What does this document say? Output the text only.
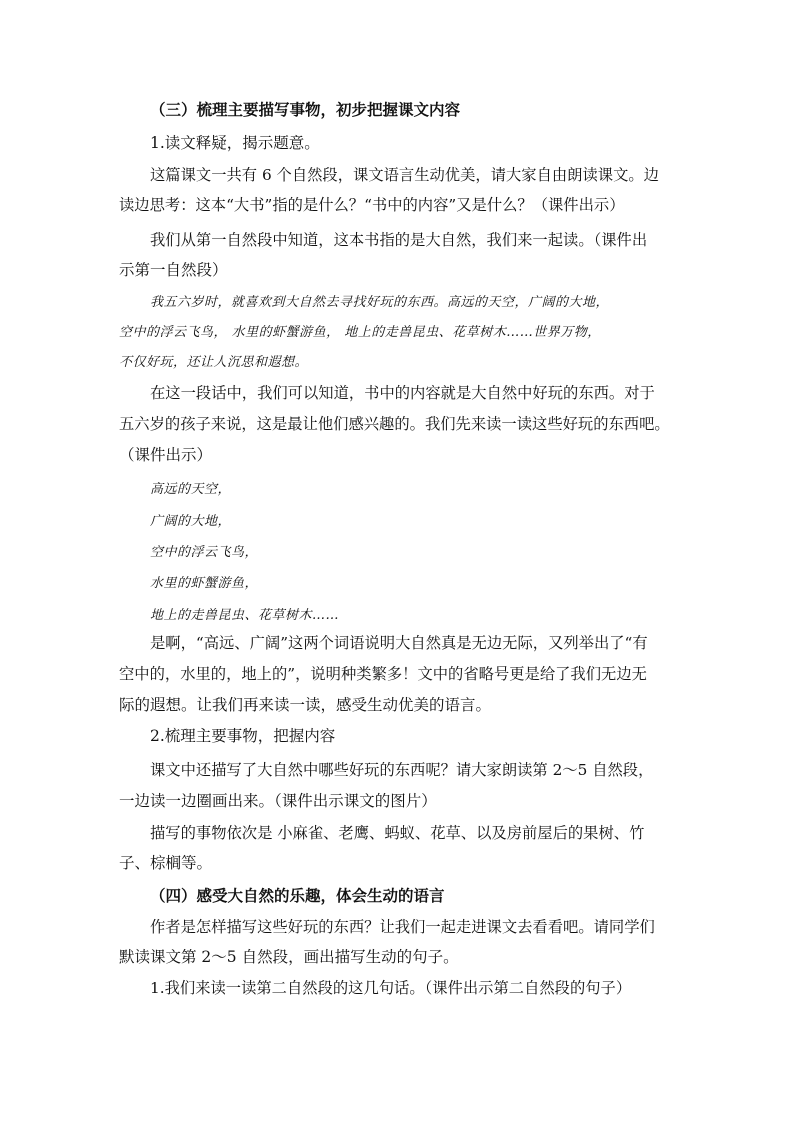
（三）梳理主要描写事物，初步把握课文内容
1.读文释疑，揭示题意。
这篇课文一共有 6 个自然段，课文语言生动优美，请大家自由朗读课文。边
读边思考：这本“大书”指的是什么？“书中的内容”又是什么？（课件出示）
我们从第一自然段中知道，这本书指的是大自然，我们来一起读。（课件出
示第一自然段）
我五六岁时，就喜欢到大自然去寻找好玩的东西。高远的天空，广阔的大地，
空中的浮云飞鸟， 水里的虾蟹游鱼， 地上的走兽昆虫、花草树木……世界万物，
不仅好玩，还让人沉思和遐想。
在这一段话中，我们可以知道，书中的内容就是大自然中好玩的东西。对于
五六岁的孩子来说，这是最让他们感兴趣的。我们先来读一读这些好玩的东西吧。
（课件出示）
高远的天空，
广阔的大地，
空中的浮云飞鸟，
水里的虾蟹游鱼，
地上的走兽昆虫、花草树木……
是啊，“高远、广阔”这两个词语说明大自然真是无边无际，又列举出了“有
空中的，水里的，地上的”，说明种类繁多！文中的省略号更是给了我们无边无
际的遐想。让我们再来读一读，感受生动优美的语言。
2.梳理主要事物，把握内容
课文中还描写了大自然中哪些好玩的东西呢？请大家朗读第 2～5 自然段，
一边读一边圈画出来。（课件出示课文的图片）
描写的事物依次是 小麻雀、老鹰、蚂蚁、花草、以及房前屋后的果树、竹
子、棕榈等。
（四）感受大自然的乐趣，体会生动的语言
作者是怎样描写这些好玩的东西？让我们一起走进课文去看看吧。请同学们
默读课文第 2～5 自然段，画出描写生动的句子。
1.我们来读一读第二自然段的这几句话。（课件出示第二自然段的句子）
